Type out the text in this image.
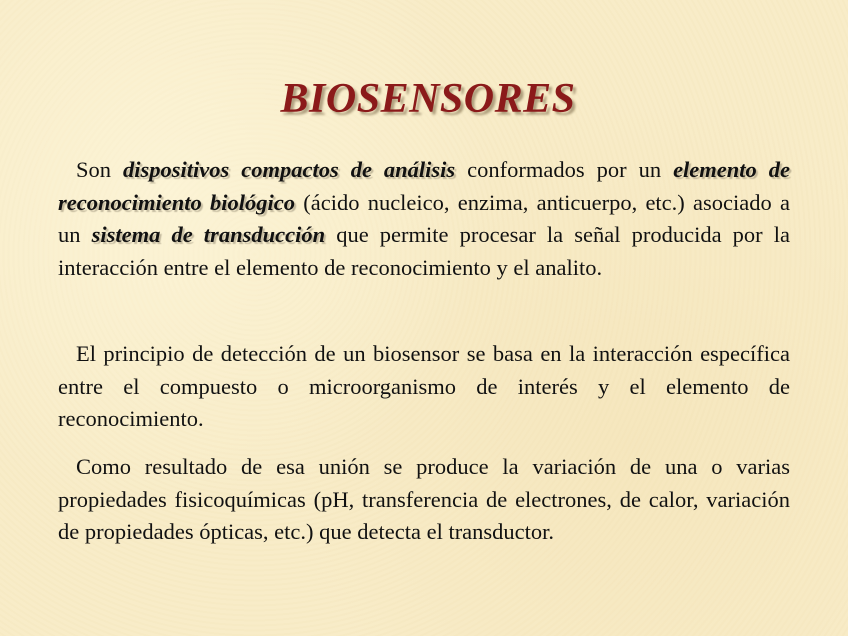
BIOSENSORES

Son dispositivos compactos de análisis conformados por un elemento de reconocimiento biológico (ácido nucleico, enzima, anticuerpo, etc.) asociado a un sistema de transducción que permite procesar la señal producida por la interacción entre el elemento de reconocimiento y el analito.

El principio de detección de un biosensor se basa en la interacción específica entre el compuesto o microorganismo de interés y el elemento de reconocimiento.

Como resultado de esa unión se produce la variación de una o varias propiedades fisicoquímicas (pH, transferencia de electrones, de calor, variación de propiedades ópticas, etc.) que detecta el transductor.
